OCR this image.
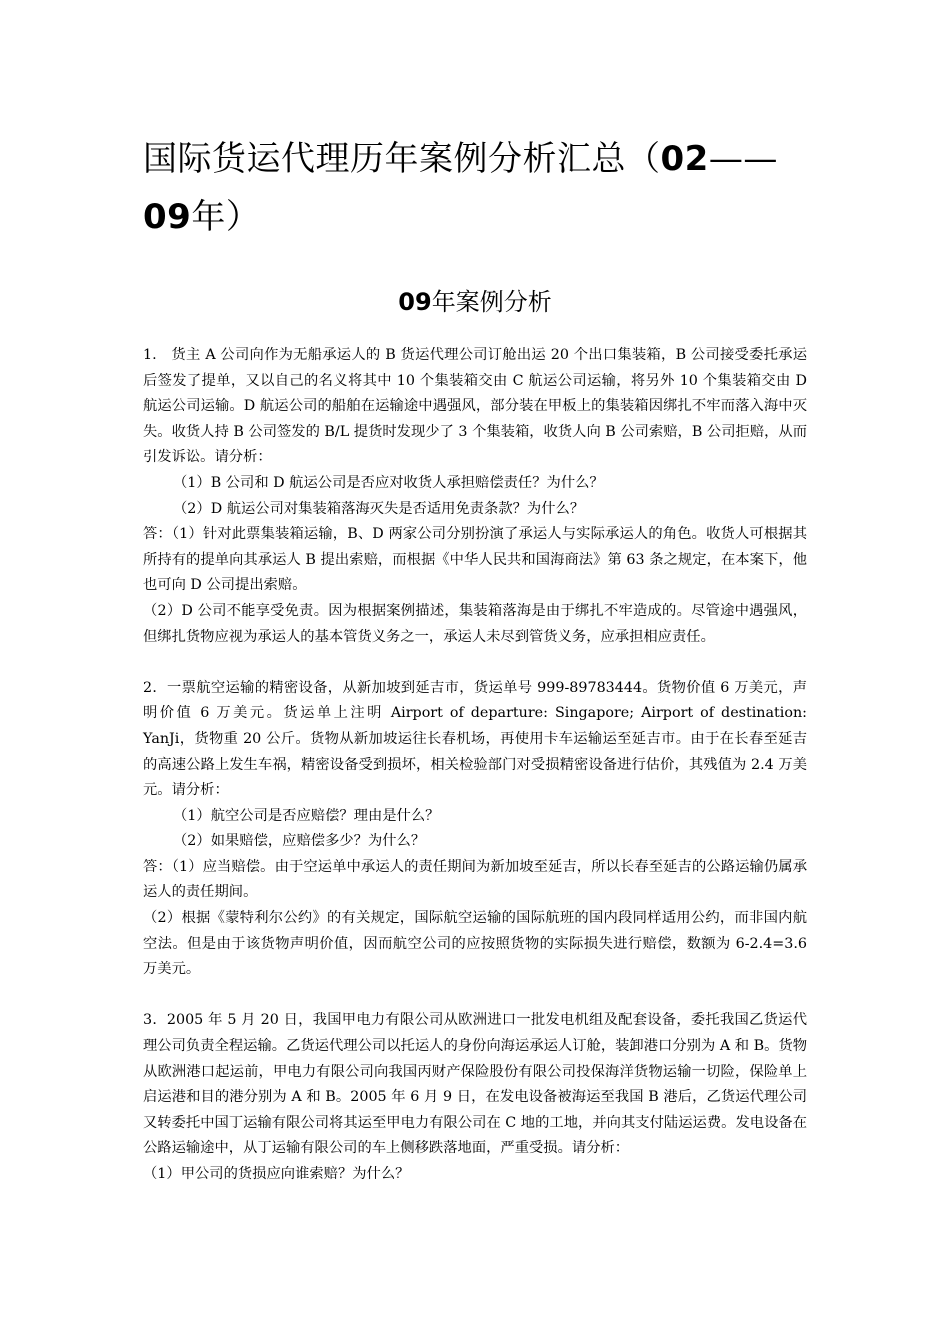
国际货运代理历年案例分析汇总（02——09年）
09年案例分析

1.　货主 A 公司向作为无船承运人的 B 货运代理公司订舱出运 20 个出口集装箱，B 公司接受委托承运后签发了提单，又以自己的名义将其中 10 个集装箱交由 C 航运公司运输，将另外 10 个集装箱交由 D 航运公司运输。D 航运公司的船舶在运输途中遇强风，部分装在甲板上的集装箱因绑扎不牢而落入海中灭失。收货人持 B 公司签发的 B/L 提货时发现少了 3 个集装箱，收货人向 B 公司索赔，B 公司拒赔，从而引发诉讼。请分析：

（1）B 公司和 D 航运公司是否应对收货人承担赔偿责任？为什么？

（2）D 航运公司对集装箱落海灭失是否适用免责条款？为什么？

答：（1）针对此票集装箱运输，B、D 两家公司分别扮演了承运人与实际承运人的角色。收货人可根据其所持有的提单向其承运人 B 提出索赔，而根据《中华人民共和国海商法》第 63 条之规定，在本案下，他也可向 D 公司提出索赔。

（2）D 公司不能享受免责。因为根据案例描述，集装箱落海是由于绑扎不牢造成的。尽管途中遇强风，但绑扎货物应视为承运人的基本管货义务之一，承运人未尽到管货义务，应承担相应责任。

2．一票航空运输的精密设备，从新加坡到延吉市，货运单号 999-89783444。货物价值 6 万美元，声明价值 6 万美元。货运单上注明 Airport of departure: Singapore; Airport of destination: YanJi，货物重 20 公斤。货物从新加坡运往长春机场，再使用卡车运输运至延吉市。由于在长春至延吉的高速公路上发生车祸，精密设备受到损坏，相关检验部门对受损精密设备进行估价，其残值为 2.4 万美元。请分析：

（1）航空公司是否应赔偿？理由是什么？

（2）如果赔偿，应赔偿多少？为什么？

答：（1）应当赔偿。由于空运单中承运人的责任期间为新加坡至延吉，所以长春至延吉的公路运输仍属承运人的责任期间。

（2）根据《蒙特利尔公约》的有关规定，国际航空运输的国际航班的国内段同样适用公约，而非国内航空法。但是由于该货物声明价值，因而航空公司的应按照货物的实际损失进行赔偿，数额为 6-2.4=3.6 万美元。

3．2005 年 5 月 20 日，我国甲电力有限公司从欧洲进口一批发电机组及配套设备，委托我国乙货运代理公司负责全程运输。乙货运代理公司以托运人的身份向海运承运人订舱，装卸港口分别为 A 和 B。货物从欧洲港口起运前，甲电力有限公司向我国丙财产保险股份有限公司投保海洋货物运输一切险，保险单上启运港和目的港分别为 A 和 B。2005 年 6 月 9 日，在发电设备被海运至我国 B 港后，乙货运代理公司又转委托中国丁运输有限公司将其运至甲电力有限公司在 C 地的工地，并向其支付陆运运费。发电设备在公路运输途中，从丁运输有限公司的车上侧移跌落地面，严重受损。请分析：

（1）甲公司的货损应向谁索赔？为什么？
